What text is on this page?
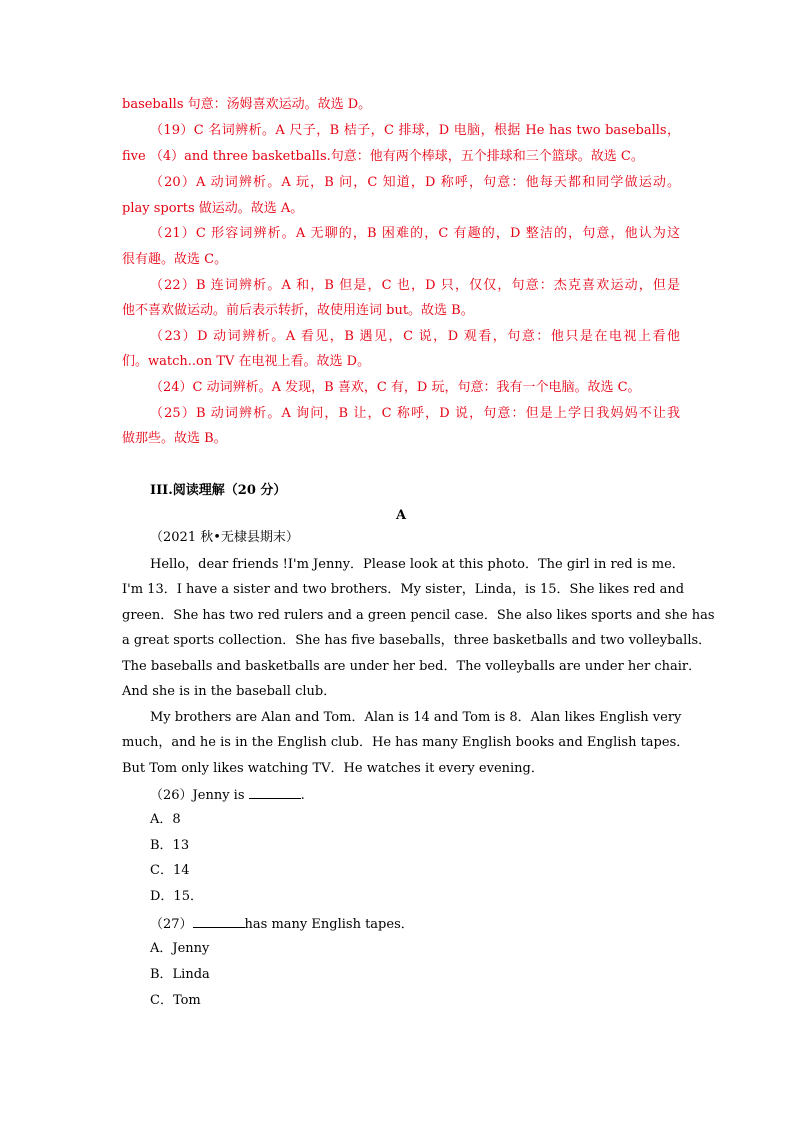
baseballs 句意：汤姆喜欢运动。故选 D。
（19）C 名词辨析。A 尺子，B 桔子，C 排球，D 电脑，根据 He has two baseballs，
five （4）and three basketballs.句意：他有两个棒球，五个排球和三个篮球。故选 C。
（20）A 动词辨析。A 玩，B 问，C 知道，D 称呼，句意：他每天都和同学做运动。
play sports 做运动。故选 A。
（21）C 形容词辨析。A 无聊的，B 困难的，C 有趣的，D 整洁的，句意，他认为这
很有趣。故选 C。
（22）B 连词辨析。A 和，B 但是，C 也，D 只，仅仅，句意：杰克喜欢运动，但是
他不喜欢做运动。前后表示转折，故使用连词 but。故选 B。
（23）D 动词辨析。A 看见，B 遇见，C 说，D 观看，句意：他只是在电视上看他
们。watch..on TV 在电视上看。故选 D。
（24）C 动词辨析。A 发现，B 喜欢，C 有，D 玩，句意：我有一个电脑。故选 C。
（25）B 动词辨析。A 询问，B 让，C 称呼，D 说，句意：但是上学日我妈妈不让我
做那些。故选 B。
III.阅读理解（20 分）
A
（2021 秋•无棣县期末）
Hello，dear friends !I'm Jenny．Please look at this photo．The girl in red is me．
I'm 13．I have a sister and two brothers．My sister，Linda，is 15．She likes red and
green．She has two red rulers and a green pencil case．She also likes sports and she has
a great sports collection．She has five baseballs，three basketballs and two volleyballs．
The baseballs and basketballs are under her bed．The volleyballs are under her chair．
And she is in the baseball club．
My brothers are Alan and Tom．Alan is 14 and Tom is 8．Alan likes English very
much，and he is in the English club．He has many English books and English tapes．
But Tom only likes watching TV．He watches it every evening．
（26）Jenny is	.
A．8
B．13
C．14
D．15．
（27）	has many English tapes．
A．Jenny
B．Linda
C．Tom
